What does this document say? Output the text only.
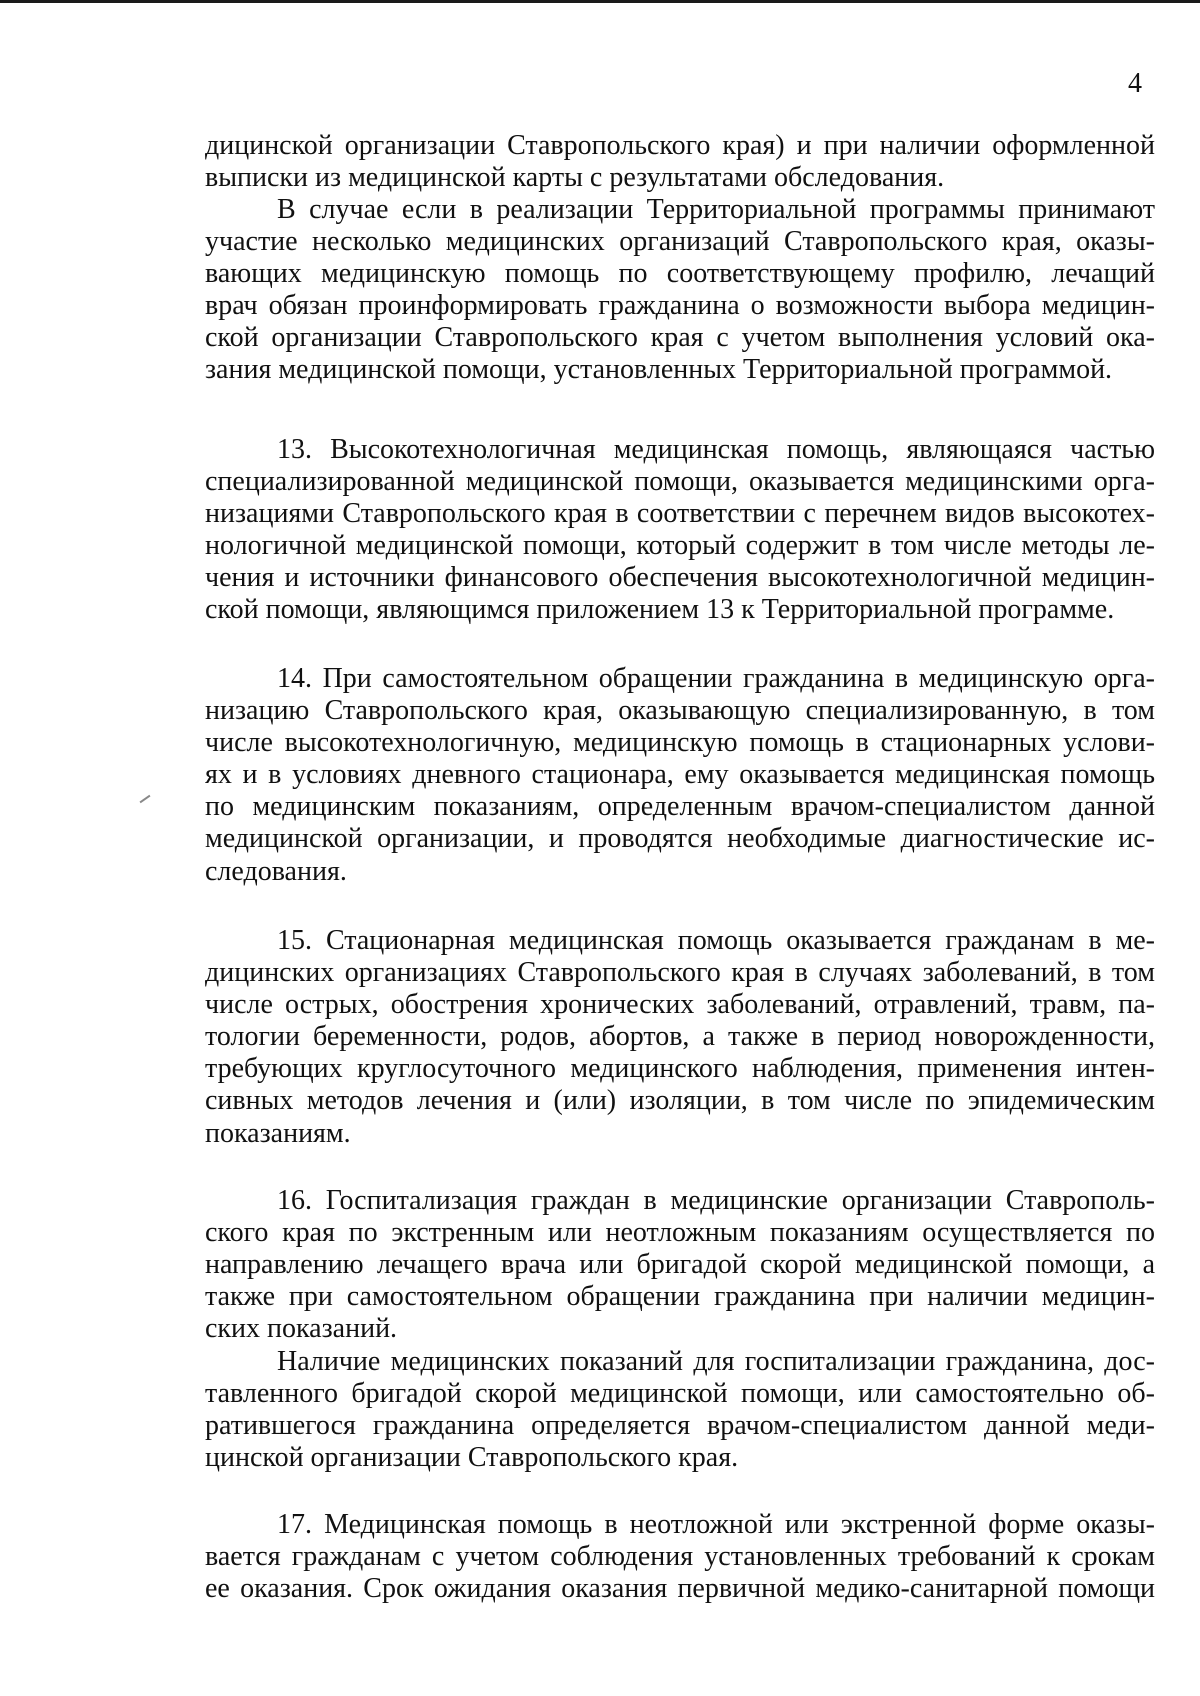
4
дицинской организации Ставропольского края) и при наличии оформленной
выписки из медицинской карты с результатами обследования.
В случае если в реализации Территориальной программы принимают
участие несколько медицинских организаций Ставропольского края, оказы-
вающих медицинскую помощь по соответствующему профилю, лечащий
врач обязан проинформировать гражданина о возможности выбора медицин-
ской организации Ставропольского края с учетом выполнения условий ока-
зания медицинской помощи, установленных Территориальной программой.
13. Высокотехнологичная медицинская помощь, являющаяся частью
специализированной медицинской помощи, оказывается медицинскими орга-
низациями Ставропольского края в соответствии с перечнем видов высокотех-
нологичной медицинской помощи, который содержит в том числе методы ле-
чения и источники финансового обеспечения высокотехнологичной медицин-
ской помощи, являющимся приложением 13 к Территориальной программе.
14. При самостоятельном обращении гражданина в медицинскую орга-
низацию Ставропольского края, оказывающую специализированную, в том
числе высокотехнологичную, медицинскую помощь в стационарных услови-
ях и в условиях дневного стационара, ему оказывается медицинская помощь
по медицинским показаниям, определенным врачом-специалистом данной
медицинской организации, и проводятся необходимые диагностические ис-
следования.
15. Стационарная медицинская помощь оказывается гражданам в ме-
дицинских организациях Ставропольского края в случаях заболеваний, в том
числе острых, обострения хронических заболеваний, отравлений, травм, па-
тологии беременности, родов, абортов, а также в период новорожденности,
требующих круглосуточного медицинского наблюдения, применения интен-
сивных методов лечения и (или) изоляции, в том числе по эпидемическим
показаниям.
16. Госпитализация граждан в медицинские организации Ставрополь-
ского края по экстренным или неотложным показаниям осуществляется по
направлению лечащего врача или бригадой скорой медицинской помощи, а
также при самостоятельном обращении гражданина при наличии медицин-
ских показаний.
Наличие медицинских показаний для госпитализации гражданина, дос-
тавленного бригадой скорой медицинской помощи, или самостоятельно об-
ратившегося гражданина определяется врачом-специалистом данной меди-
цинской организации Ставропольского края.
17. Медицинская помощь в неотложной или экстренной форме оказы-
вается гражданам с учетом соблюдения установленных требований к срокам
ее оказания. Срок ожидания оказания первичной медико-санитарной помощи
